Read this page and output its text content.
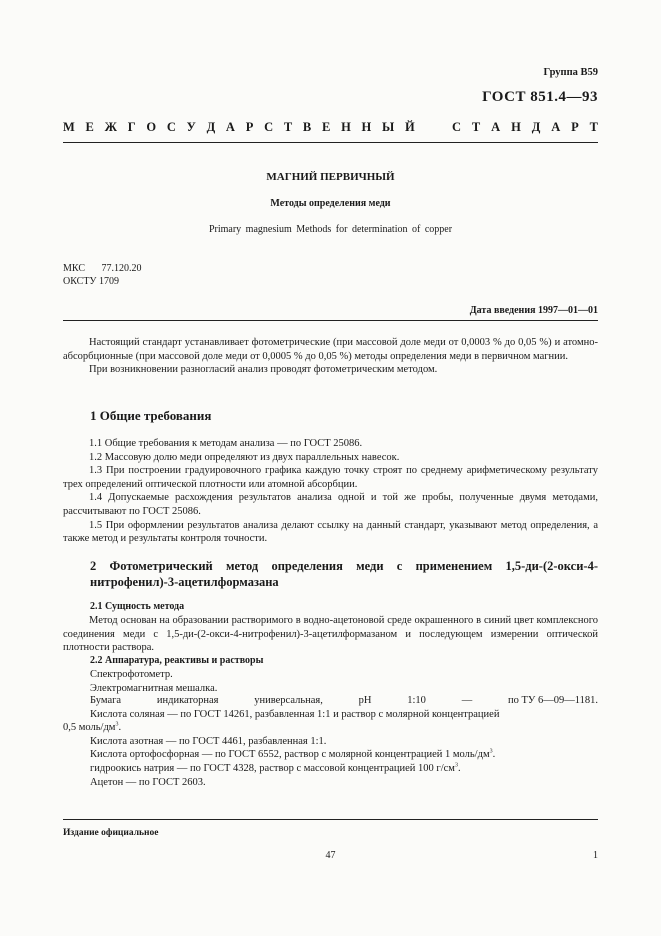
Группа В59
ГОСТ 851.4—93
М Е Ж Г О С У Д А Р С Т В Е Н Н Ы Й	С Т А Н Д А Р Т
МАГНИЙ ПЕРВИЧНЫЙ
Методы определения меди
Primary magnesium Methods for determination of copper
МКС 77.120.20
ОКСТУ 1709
Дата введения 1997—01—01

Настоящий стандарт устанавливает фотометрические (при массовой доле меди от 0,0003 % до 0,05 %) и атомно-абсорбционные (при массовой доле меди от 0,0005 % до 0,05 %) методы определения меди в первичном магнии.

При возникновении разногласий анализ проводят фотометрическим методом.

1 Общие требования

1.1 Общие требования к методам анализа — по ГОСТ 25086.

1.2 Массовую долю меди определяют из двух параллельных навесок.

1.3 При построении градуировочного графика каждую точку строят по среднему арифметическому результату трех определений оптической плотности или атомной абсорбции.

1.4 Допускаемые расхождения результатов анализа одной и той же пробы, полученные двумя методами, рассчитывают по ГОСТ 25086.

1.5 При оформлении результатов анализа делают ссылку на данный стандарт, указывают метод определения, а также метод и результаты контроля точности.

2 Фотометрический метод определения меди с применением 1,5-ди-(2-окси-4-нитрофенил)-3-ацетилформазана
2.1 Сущность метода

Метод основан на образовании растворимого в водно-ацетоновой среде окрашенного в синий цвет комплексного соединения меди с 1,5-ди-(2-окси-4-нитрофенил)-3-ацетилформазаном и последующем измерении оптической плотности раствора.

2.2 Аппаратура, реактивы и растворы
Спектрофотометр.
Электромагнитная мешалка.
Бумага	индикаторная	универсальная,	pH	1:10	—	по ТУ 6—09—1181.
Кислота соляная — по ГОСТ 14261, разбавленная 1:1 и раствор с молярной концентрацией
0,5 моль/$дм^3$.
Кислота азотная — по ГОСТ 4461, разбавленная 1:1.
Кислота ортофосфорная — по ГОСТ 6552, раствор с молярной концентрацией 1 моль/$дм^3$.
гидроокись натрия — по ГОСТ 4328, раствор с массовой концентрацией 100 $г/см^3$.
Ацетон — по ГОСТ 2603.
Издание официальное
47	1
